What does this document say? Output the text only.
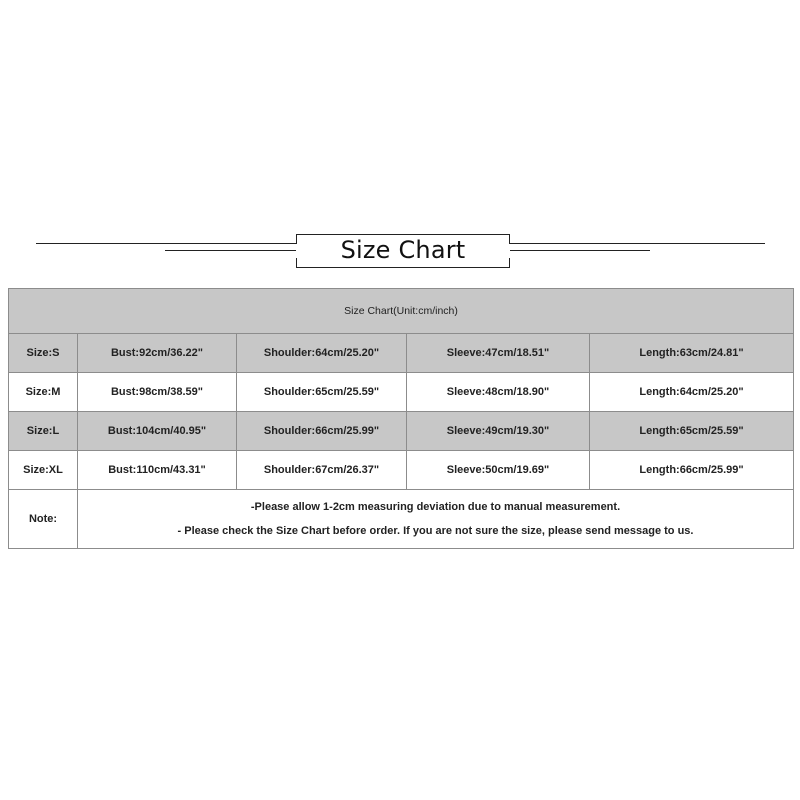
Size Chart
Size Chart(Unit:cm/inch)				
Size:S	Bust:92cm/36.22"	Shoulder:64cm/25.20"	Sleeve:47cm/18.51"	Length:63cm/24.81"
Size:M	Bust:98cm/38.59"	Shoulder:65cm/25.59"	Sleeve:48cm/18.90"	Length:64cm/25.20"
Size:L	Bust:104cm/40.95"	Shoulder:66cm/25.99"	Sleeve:49cm/19.30"	Length:65cm/25.59"
Size:XL	Bust:110cm/43.31"	Shoulder:67cm/26.37"	Sleeve:50cm/19.69"	Length:66cm/25.99"
Note:	-Please allow 1-2cm measuring deviation due to manual measurement.
- Please check the Size Chart before order. If you are not sure the size, please send message to us.			
